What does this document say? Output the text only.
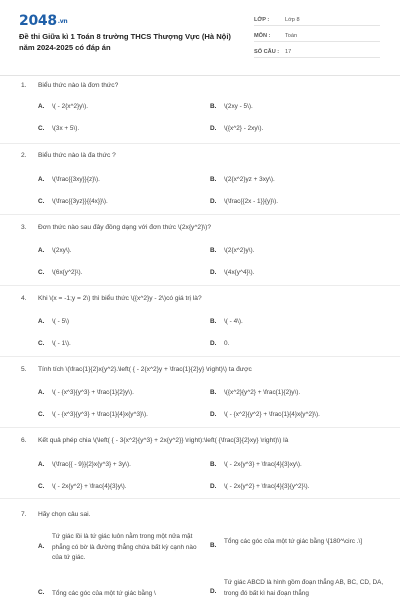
2048.vn
Đề thi Giữa kì 1 Toán 8 trường THCS Thượng Vực (Hà Nội) năm 2024-2025 có đáp án
LỚP :	Lớp 8
MÔN :	Toán
SỐ CÂU : 17
1. Biểu thức nào là đơn thức?
A. \( - 2{x^2}y\).	B. \(2xy - 5\).
C. \(3x + 5\).	D. \({x^2} - 2xy\).
2. Biểu thức nào là đa thức ?
A. \(\frac{{3xy}}{z}\).	B. \(2{x^2}yz + 3xy\).
C. \(\frac{{3yz}}{{4x}}\).	D. \(\frac{{2x - 1}}{y}\).
3. Đơn thức nào sau đây đồng dạng với đơn thức \(2x{y^2}\)?
A. \(2xy\).	B. \(2{x^2}y\).
C. \(6x{y^2}\).	D. \(4x{y^4}\).
4. Khi \(x = -1;y = 2\) thì biểu thức \({x^2}y - 2\)có giá trị là?
A. \( - 5\)	B. \( - 4\).
C. \( - 1\).	D. 0.
5. Tính tích \(\frac{1}{2}x{y^2}.\left( { - 2{x^2}y + \frac{1}{2}y} \right)\) ta được
A. \( - {x^3}{y^3} + \frac{1}{2}y\).	B. \({x^2}{y^2} + \frac{1}{2}y\).
C. \( - {x^3}{y^3} + \frac{1}{4}x{y^3}\).	D. \( - {x^2}{y^2} + \frac{1}{4}x{y^2}\).
6. Kết quả phép chia \(\left( { - 3{x^2}{y^3} + 2x{y^2}} \right):\left( {\frac{3}{2}xy} \right)\) là
A. \(\frac{{ - 9}}{2}x{y^3} + 3y\).	B. \( - 2x{y^3} + \frac{4}{3}xy\).
C. \( - 2x{y^2} + \frac{4}{3}y\).	D. \( - 2x{y^2} + \frac{4}{3}{y^2}\).
7. Hãy chọn câu sai.
A.
Tứ giác lồi là tứ giác luôn nằm trong một nửa mặt phẳng có bờ là đường thẳng chứa bất kỳ cạnh nào của tứ giác.
B.
Tổng các góc của một tứ giác bằng \[180^\circ .\]
C. Tổng các góc của một tứ giác bằng \	D.
Tứ giác ABCD là hình gồm đoạn thẳng AB, BC, CD, DA, trong đó bất kì hai đoạn thẳng
